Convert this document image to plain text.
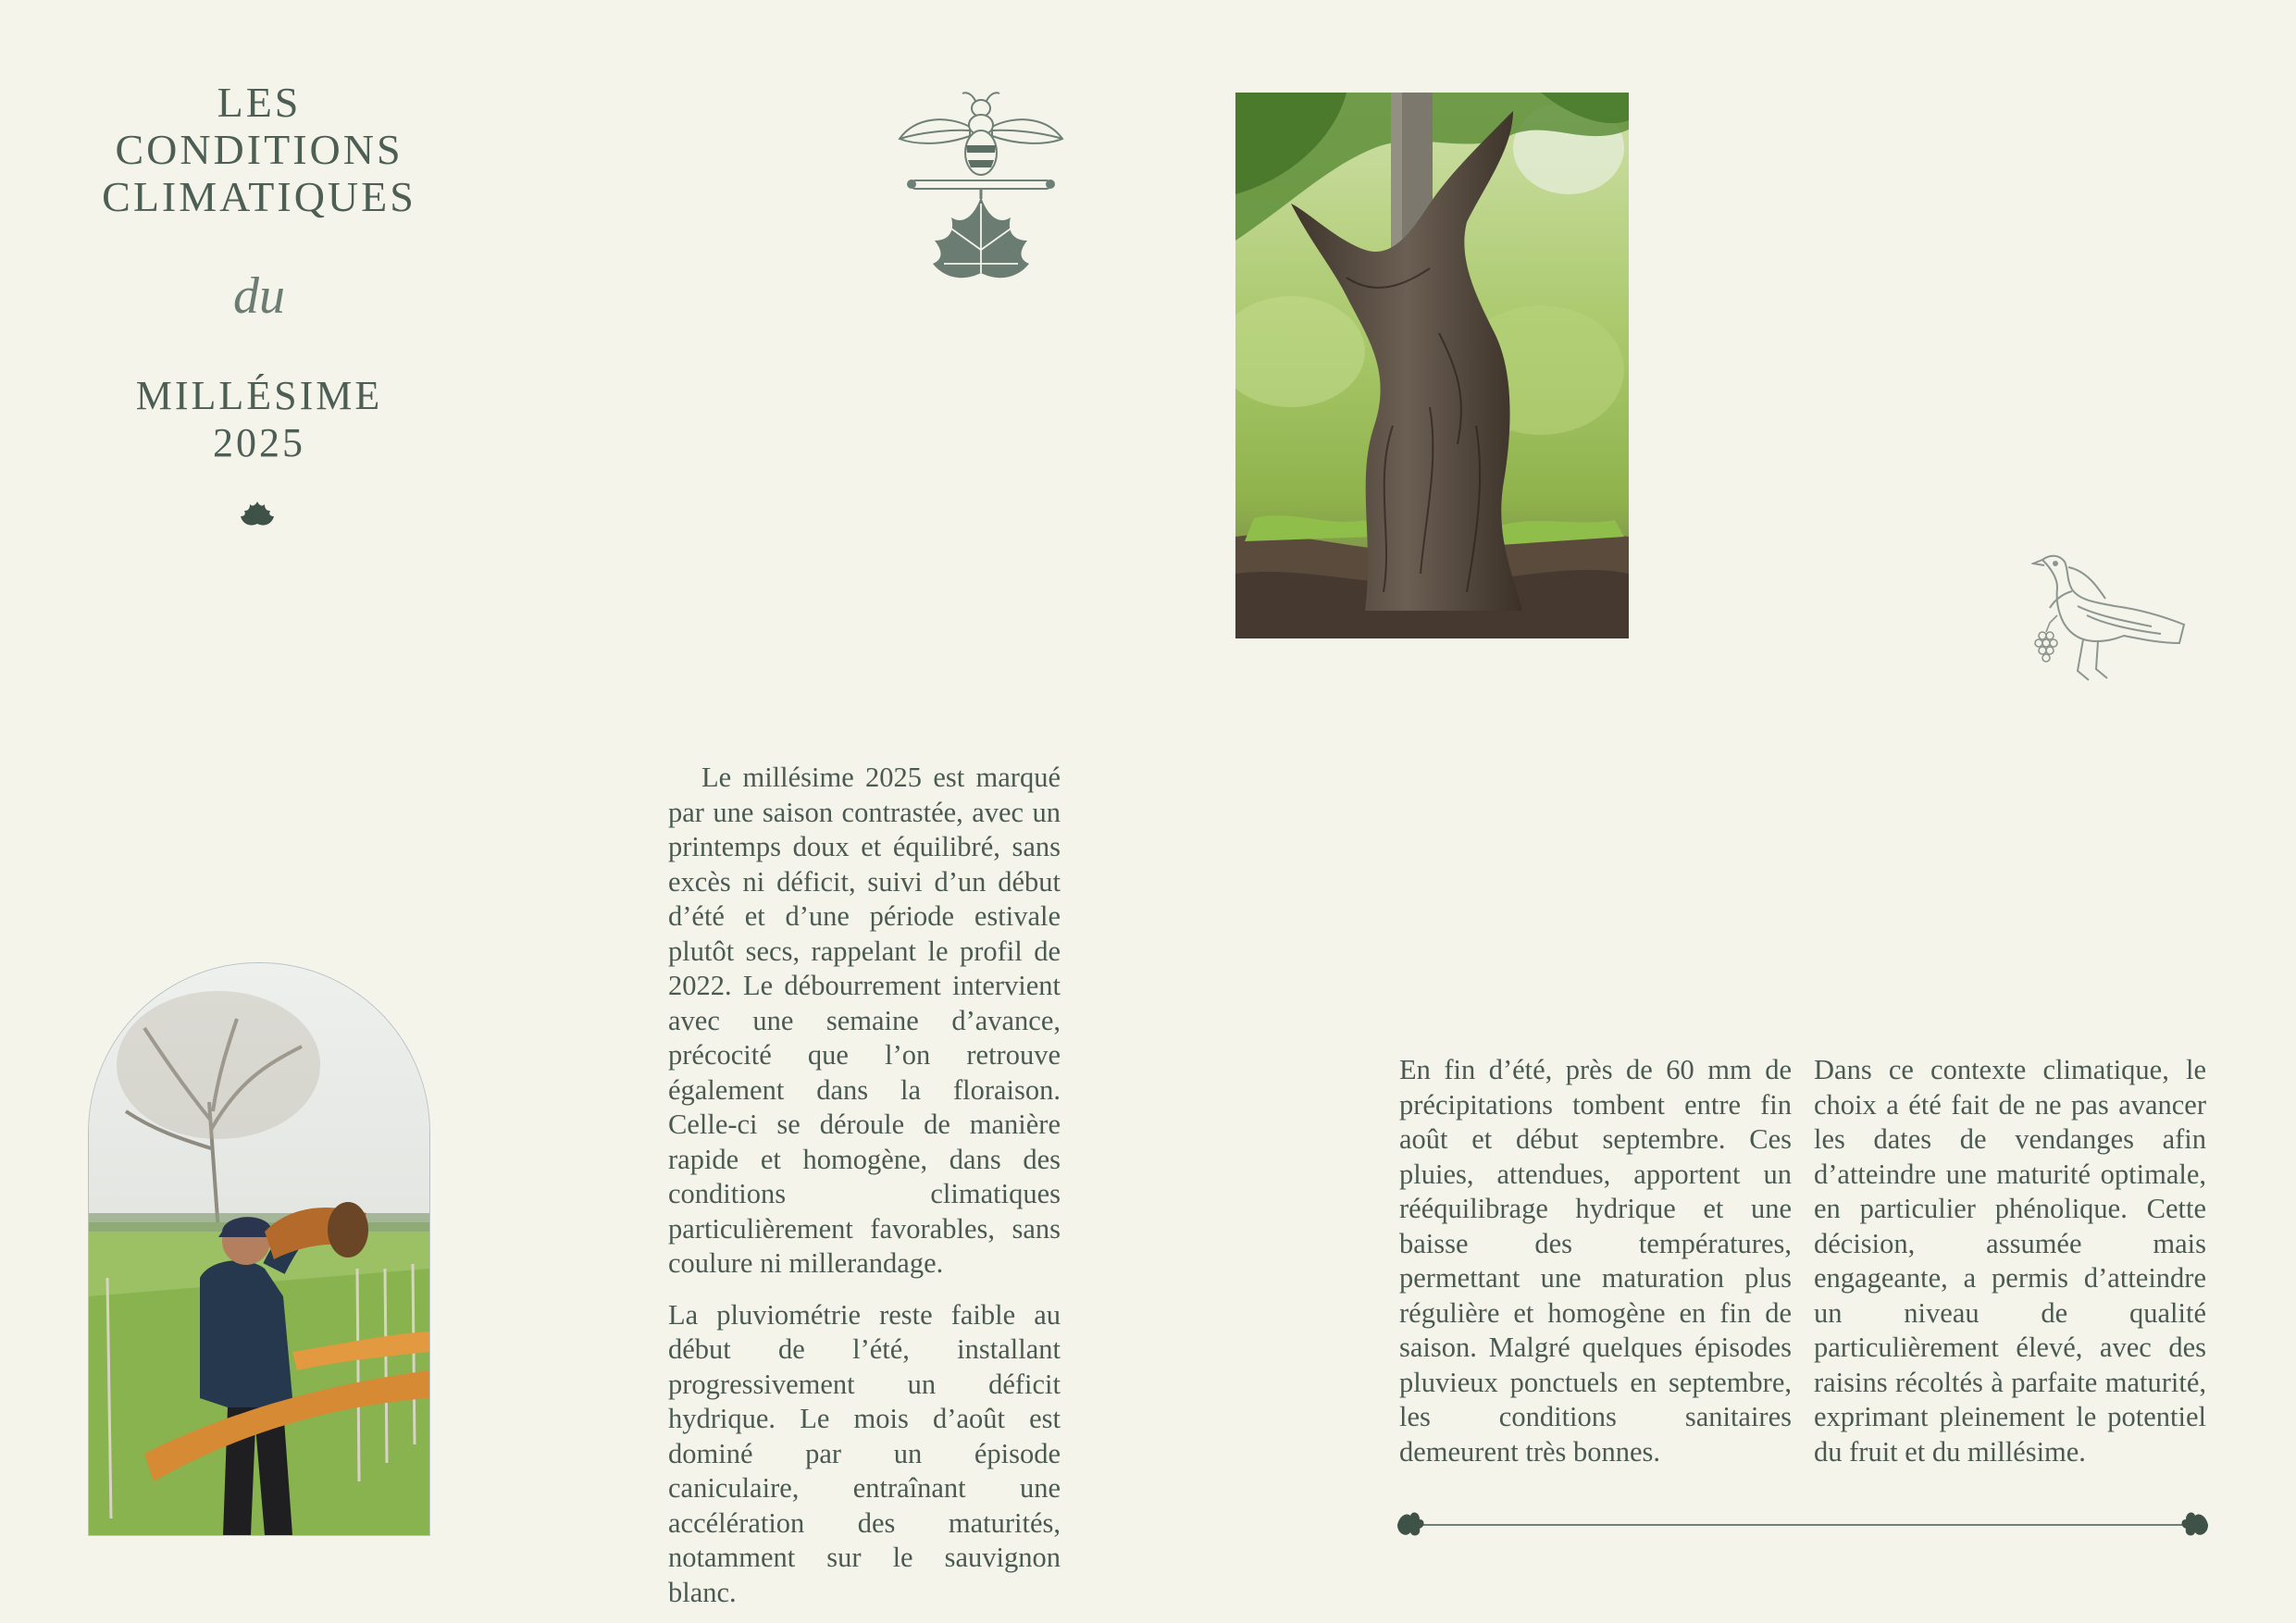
LES
CONDITIONS
CLIMATIQUES
du
MILLÉSIME
2025

Le millésime 2025 est marqué par une saison contrastée, avec un printemps doux et équilibré, sans excès ni déficit, suivi d’un début d’été et d’une période estivale plutôt secs, rappelant le profil de 2022. Le débourrement intervient avec une semaine d’avance, précocité que l’on retrouve également dans la floraison. Celle-ci se déroule de manière rapide et homogène, dans des conditions climatiques particulièrement favorables, sans coulure ni millerandage.

La pluviométrie reste faible au début de l’été, installant progressivement un déficit hydrique. Le mois d’août est dominé par un épisode caniculaire, entraînant une accélération des maturités, notamment sur le sauvignon blanc.

En fin d’été, près de 60 mm de précipitations tombent entre fin août et début septembre. Ces pluies, attendues, apportent un rééquilibrage hydrique et une baisse des températures, permettant une maturation plus régulière et homogène en fin de saison. Malgré quelques épisodes pluvieux ponctuels en septembre, les conditions sanitaires demeurent très bonnes.

Dans ce contexte climatique, le choix a été fait de ne pas avancer les dates de vendanges afin d’atteindre une maturité optimale, en particulier phénolique. Cette décision, assumée mais engageante, a permis d’atteindre un niveau de qualité particulièrement élevé, avec des raisins récoltés à parfaite maturité, exprimant pleinement le potentiel du fruit et du millésime.
